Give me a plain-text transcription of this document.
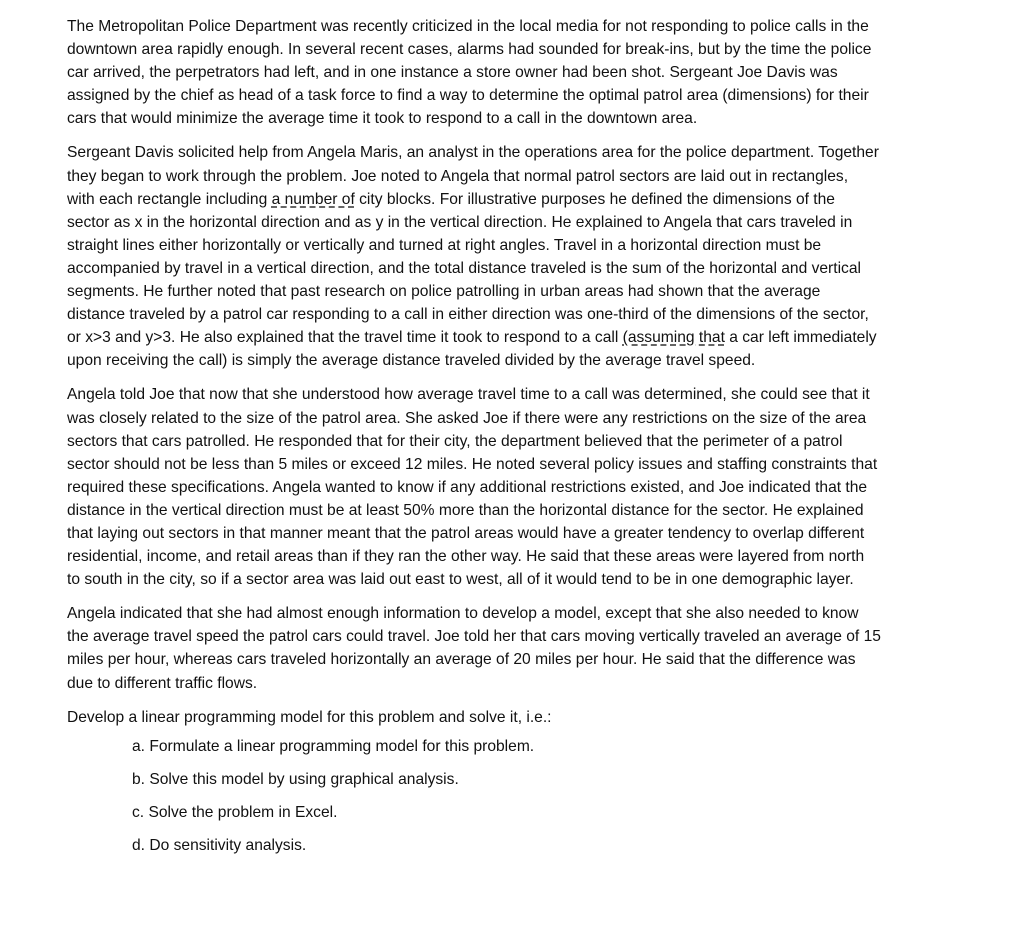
The Metropolitan Police Department was recently criticized in the local media for not responding to police calls in the
downtown area rapidly enough. In several recent cases, alarms had sounded for break-ins, but by the time the police
car arrived, the perpetrators had left, and in one instance a store owner had been shot. Sergeant Joe Davis was
assigned by the chief as head of a task force to find a way to determine the optimal patrol area (dimensions) for their
cars that would minimize the average time it took to respond to a call in the downtown area.

Sergeant Davis solicited help from Angela Maris, an analyst in the operations area for the police department. Together
they began to work through the problem. Joe noted to Angela that normal patrol sectors are laid out in rectangles,
with each rectangle including a number of city blocks. For illustrative purposes he defined the dimensions of the
sector as x in the horizontal direction and as y in the vertical direction. He explained to Angela that cars traveled in
straight lines either horizontally or vertically and turned at right angles. Travel in a horizontal direction must be
accompanied by travel in a vertical direction, and the total distance traveled is the sum of the horizontal and vertical
segments. He further noted that past research on police patrolling in urban areas had shown that the average
distance traveled by a patrol car responding to a call in either direction was one-third of the dimensions of the sector,
or x>3 and y>3. He also explained that the travel time it took to respond to a call (assuming that a car left immediately
upon receiving the call) is simply the average distance traveled divided by the average travel speed.

Angela told Joe that now that she understood how average travel time to a call was determined, she could see that it
was closely related to the size of the patrol area. She asked Joe if there were any restrictions on the size of the area
sectors that cars patrolled. He responded that for their city, the department believed that the perimeter of a patrol
sector should not be less than 5 miles or exceed 12 miles. He noted several policy issues and staffing constraints that
required these specifications. Angela wanted to know if any additional restrictions existed, and Joe indicated that the
distance in the vertical direction must be at least 50% more than the horizontal distance for the sector. He explained
that laying out sectors in that manner meant that the patrol areas would have a greater tendency to overlap different
residential, income, and retail areas than if they ran the other way. He said that these areas were layered from north
to south in the city, so if a sector area was laid out east to west, all of it would tend to be in one demographic layer.

Angela indicated that she had almost enough information to develop a model, except that she also needed to know
the average travel speed the patrol cars could travel. Joe told her that cars moving vertically traveled an average of 15
miles per hour, whereas cars traveled horizontally an average of 20 miles per hour. He said that the difference was
due to different traffic flows.

Develop a linear programming model for this problem and solve it, i.e.:

a. Formulate a linear programming model for this problem.
b. Solve this model by using graphical analysis.
c. Solve the problem in Excel.
d. Do sensitivity analysis.
